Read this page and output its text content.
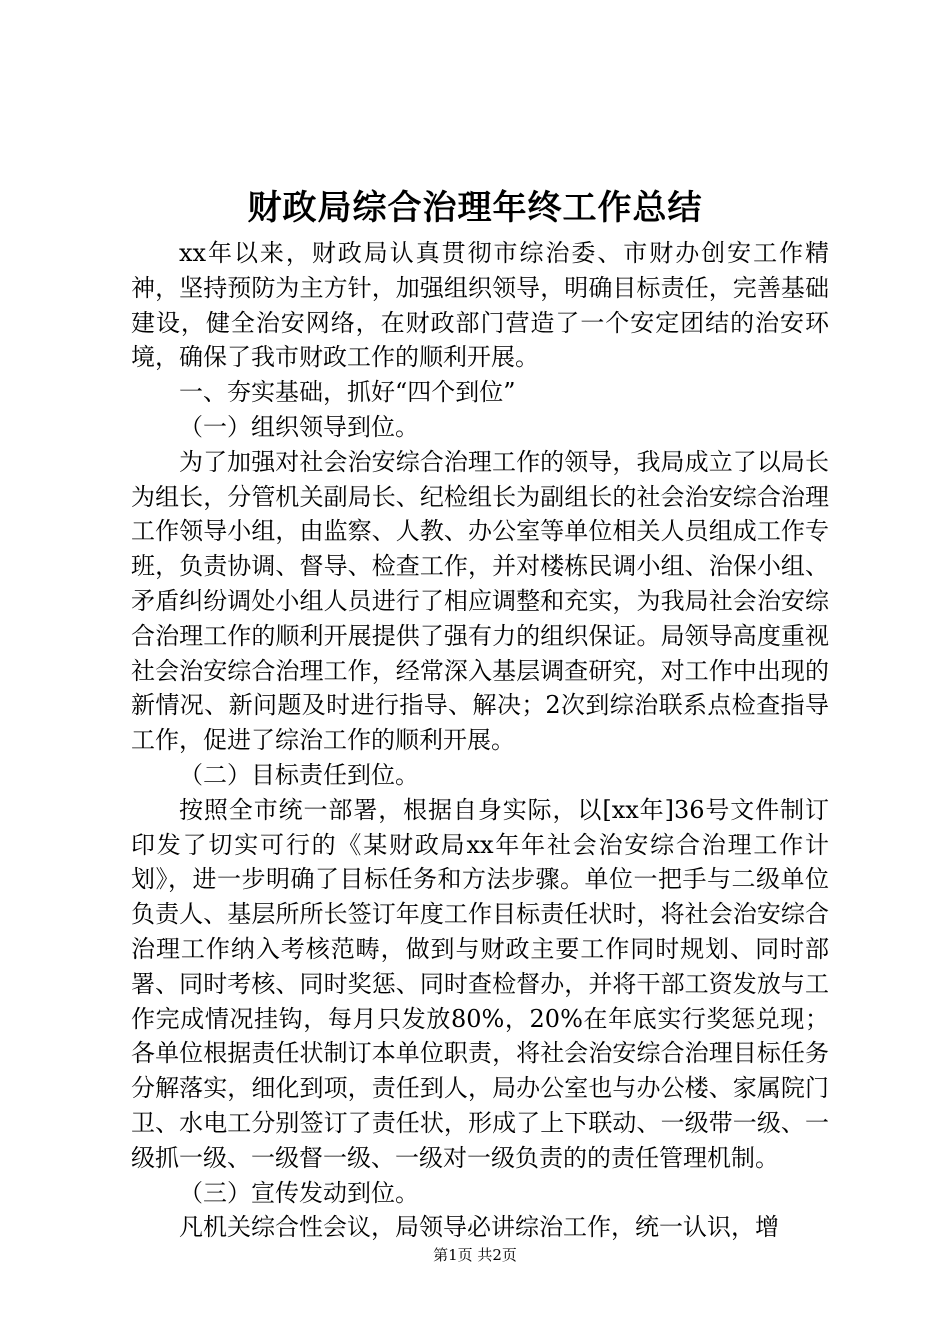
财政局综合治理年终工作总结

xx年以来，财政局认真贯彻市综治委、市财办创安工作精神，坚持预防为主方针，加强组织领导，明确目标责任，完善基础建设，健全治安网络，在财政部门营造了一个安定团结的治安环境，确保了我市财政工作的顺利开展。

一、夯实基础，抓好“四个到位”

（一）组织领导到位。

为了加强对社会治安综合治理工作的领导，我局成立了以局长为组长，分管机关副局长、纪检组长为副组长的社会治安综合治理工作领导小组，由监察、人教、办公室等单位相关人员组成工作专班，负责协调、督导、检查工作，并对楼栋民调小组、治保小组、矛盾纠纷调处小组人员进行了相应调整和充实，为我局社会治安综合治理工作的顺利开展提供了强有力的组织保证。局领导高度重视社会治安综合治理工作，经常深入基层调查研究，对工作中出现的新情况、新问题及时进行指导、解决；2次到综治联系点检查指导工作，促进了综治工作的顺利开展。

（二）目标责任到位。

按照全市统一部署，根据自身实际，以[xx年]36号文件制订印发了切实可行的《某财政局xx年年社会治安综合治理工作计划》，进一步明确了目标任务和方法步骤。单位一把手与二级单位负责人、基层所所长签订年度工作目标责任状时，将社会治安综合治理工作纳入考核范畴，做到与财政主要工作同时规划、同时部署、同时考核、同时奖惩、同时查检督办，并将干部工资发放与工作完成情况挂钩，每月只发放80%，20%在年底实行奖惩兑现；各单位根据责任状制订本单位职责，将社会治安综合治理目标任务分解落实，细化到项，责任到人，局办公室也与办公楼、家属院门卫、水电工分别签订了责任状，形成了上下联动、一级带一级、一级抓一级、一级督一级、一级对一级负责的的责任管理机制。

（三）宣传发动到位。

凡机关综合性会议，局领导必讲综治工作，统一认识，增

第1页 共2页
